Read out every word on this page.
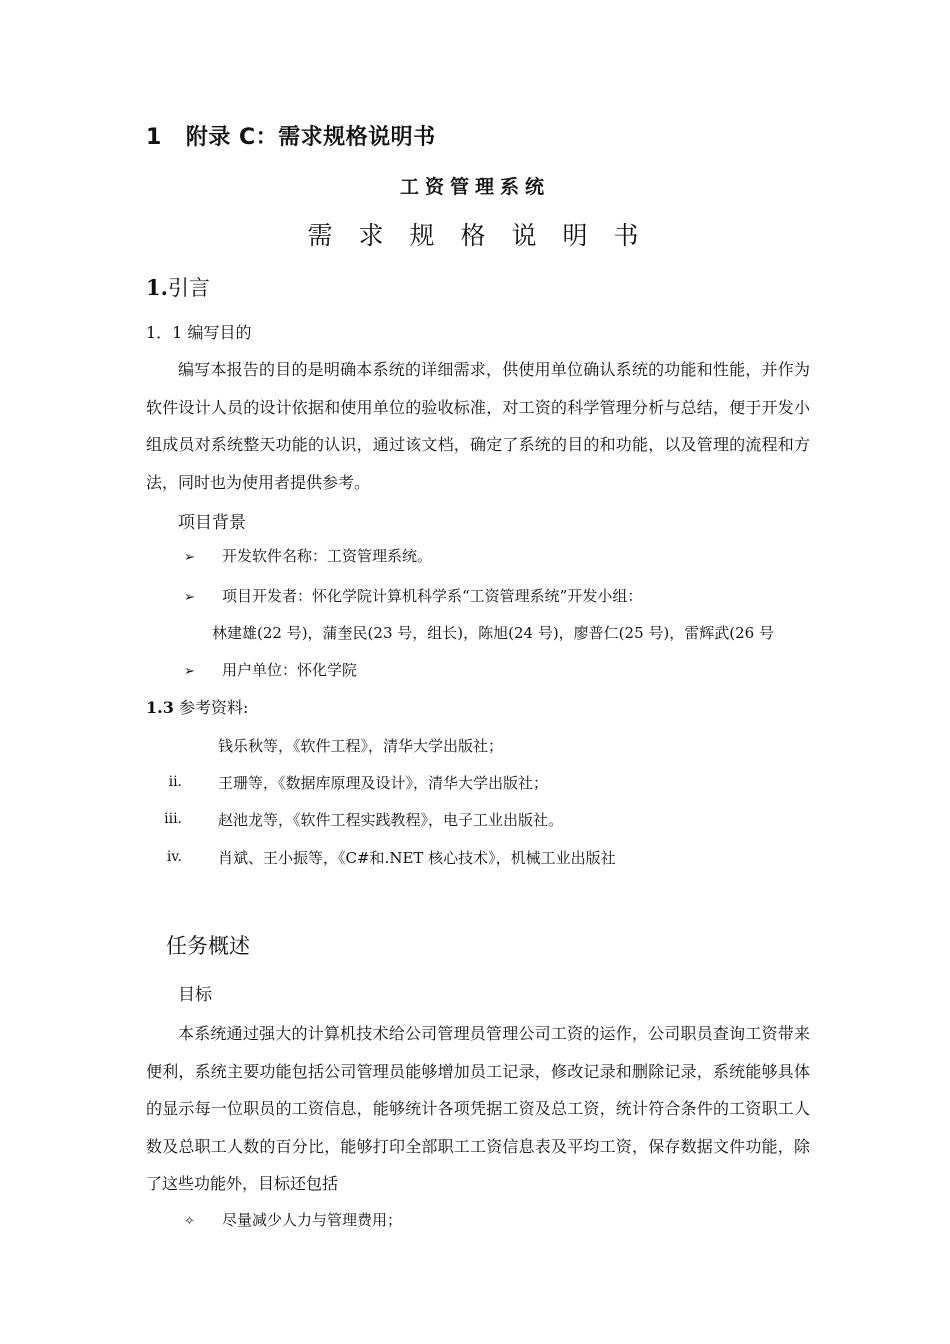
1 附录 C：需求规格说明书
工资管理系统
需求规格说明书
1.引言
1．1 编写目的
编写本报告的目的是明确本系统的详细需求，供使用单位确认系统的功能和性能，并作为软件设计人员的设计依据和使用单位的验收标准，对工资的科学管理分析与总结，便于开发小组成员对系统整天功能的认识，通过该文档，确定了系统的目的和功能，以及管理的流程和方法，同时也为使用者提供参考。
项目背景
➢ 开发软件名称：工资管理系统。
➢ 项目开发者：怀化学院计算机科学系“工资管理系统”开发小组：
林建雄(22 号)，蒲奎民(23 号，组长)，陈旭(24 号)，廖普仁(25 号)，雷辉武(26 号
➢ 用户单位：怀化学院
1.3 参考资料:
钱乐秋等，《软件工程》，清华大学出版社；
ii. 王珊等，《数据库原理及设计》，清华大学出版社；
iii. 赵池龙等，《软件工程实践教程》，电子工业出版社。
iv. 肖斌、王小振等，《C#和.NET 核心技术》，机械工业出版社
任务概述
目标
本系统通过强大的计算机技术给公司管理员管理公司工资的运作，公司职员查询工资带来便利，系统主要功能包括公司管理员能够增加员工记录，修改记录和删除记录，系统能够具体的显示每一位职员的工资信息，能够统计各项凭据工资及总工资，统计符合条件的工资职工人数及总职工人数的百分比，能够打印全部职工工资信息表及平均工资，保存数据文件功能，除了这些功能外，目标还包括
✧ 尽量减少人力与管理费用；
